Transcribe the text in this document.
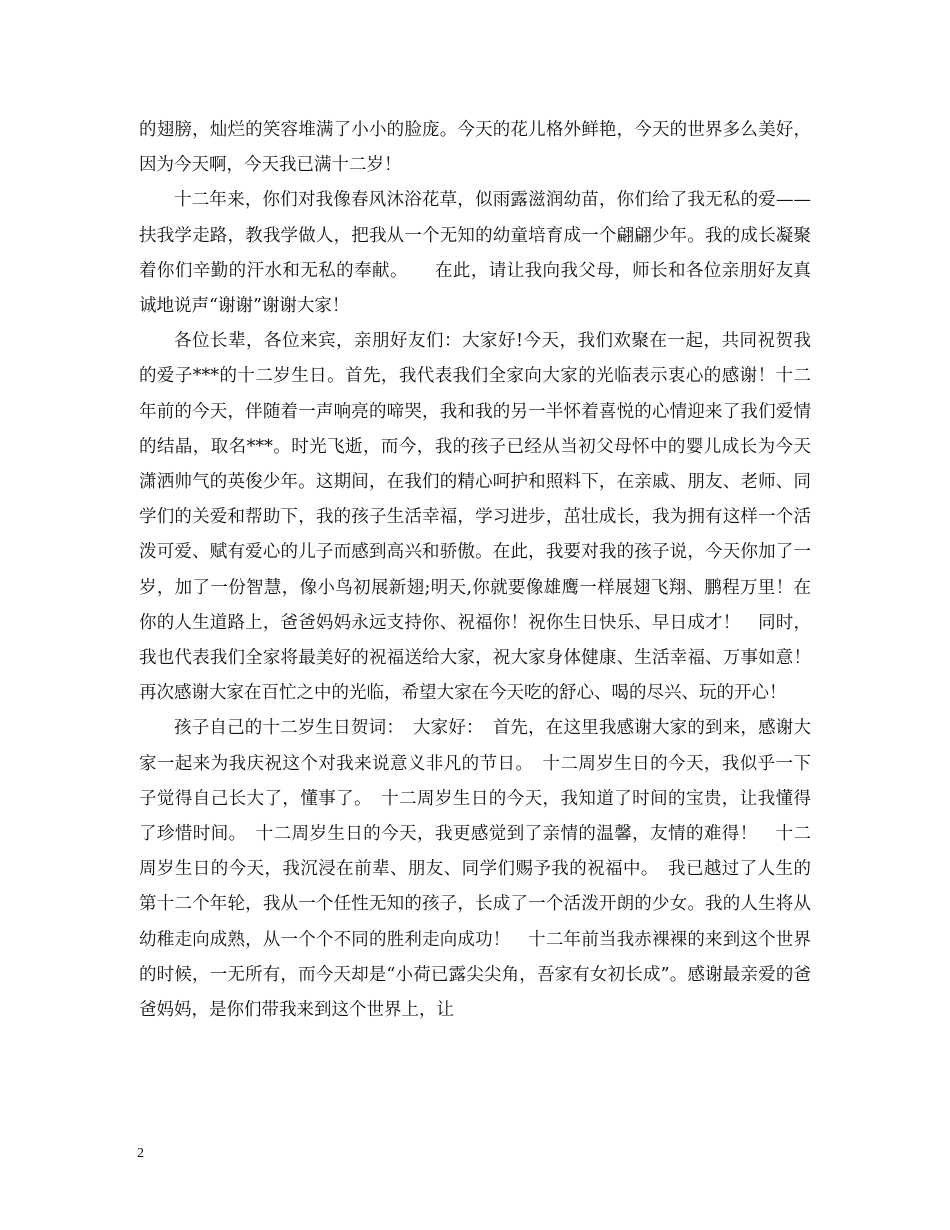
的翅膀，灿烂的笑容堆满了小小的脸庞。今天的花儿格外鲜艳，今天的世界多么美好，因为今天啊，今天我已满十二岁！

十二年来，你们对我像春风沐浴花草，似雨露滋润幼苗，你们给了我无私的爱——扶我学走路，教我学做人，把我从一个无知的幼童培育成一个翩翩少年。我的成长凝聚着你们辛勤的汗水和无私的奉献。　　在此，请让我向我父母，师长和各位亲朋好友真诚地说声“谢谢”谢谢大家！

各位长辈，各位来宾，亲朋好友们：大家好!今天，我们欢聚在一起，共同祝贺我的爱子***的十二岁生日。首先，我代表我们全家向大家的光临表示衷心的感谢！十二年前的今天，伴随着一声响亮的啼哭，我和我的另一半怀着喜悦的心情迎来了我们爱情的结晶，取名***。时光飞逝，而今，我的孩子已经从当初父母怀中的婴儿成长为今天潇洒帅气的英俊少年。这期间，在我们的精心呵护和照料下，在亲戚、朋友、老师、同学们的关爱和帮助下，我的孩子生活幸福，学习进步，茁壮成长，我为拥有这样一个活泼可爱、赋有爱心的儿子而感到高兴和骄傲。在此，我要对我的孩子说，今天你加了一岁，加了一份智慧，像小鸟初展新翅;明天,你就要像雄鹰一样展翅飞翔、鹏程万里！在你的人生道路上，爸爸妈妈永远支持你、祝福你！祝你生日快乐、早日成才！　同时，我也代表我们全家将最美好的祝福送给大家，祝大家身体健康、生活幸福、万事如意！再次感谢大家在百忙之中的光临，希望大家在今天吃的舒心、喝的尽兴、玩的开心！

孩子自己的十二岁生日贺词：　大家好：　首先，在这里我感谢大家的到来，感谢大家一起来为我庆祝这个对我来说意义非凡的节日。　十二周岁生日的今天，我似乎一下子觉得自己长大了，懂事了。　十二周岁生日的今天，我知道了时间的宝贵，让我懂得了珍惜时间。　十二周岁生日的今天，我更感觉到了亲情的温馨，友情的难得！　十二周岁生日的今天，我沉浸在前辈、朋友、同学们赐予我的祝福中。　我已越过了人生的第十二个年轮，我从一个任性无知的孩子，长成了一个活泼开朗的少女。我的人生将从幼稚走向成熟，从一个个不同的胜利走向成功！　十二年前当我赤裸裸的来到这个世界的时候，一无所有，而今天却是“小荷已露尖尖角，吾家有女初长成”。感谢最亲爱的爸爸妈妈，是你们带我来到这个世界上，让

2
